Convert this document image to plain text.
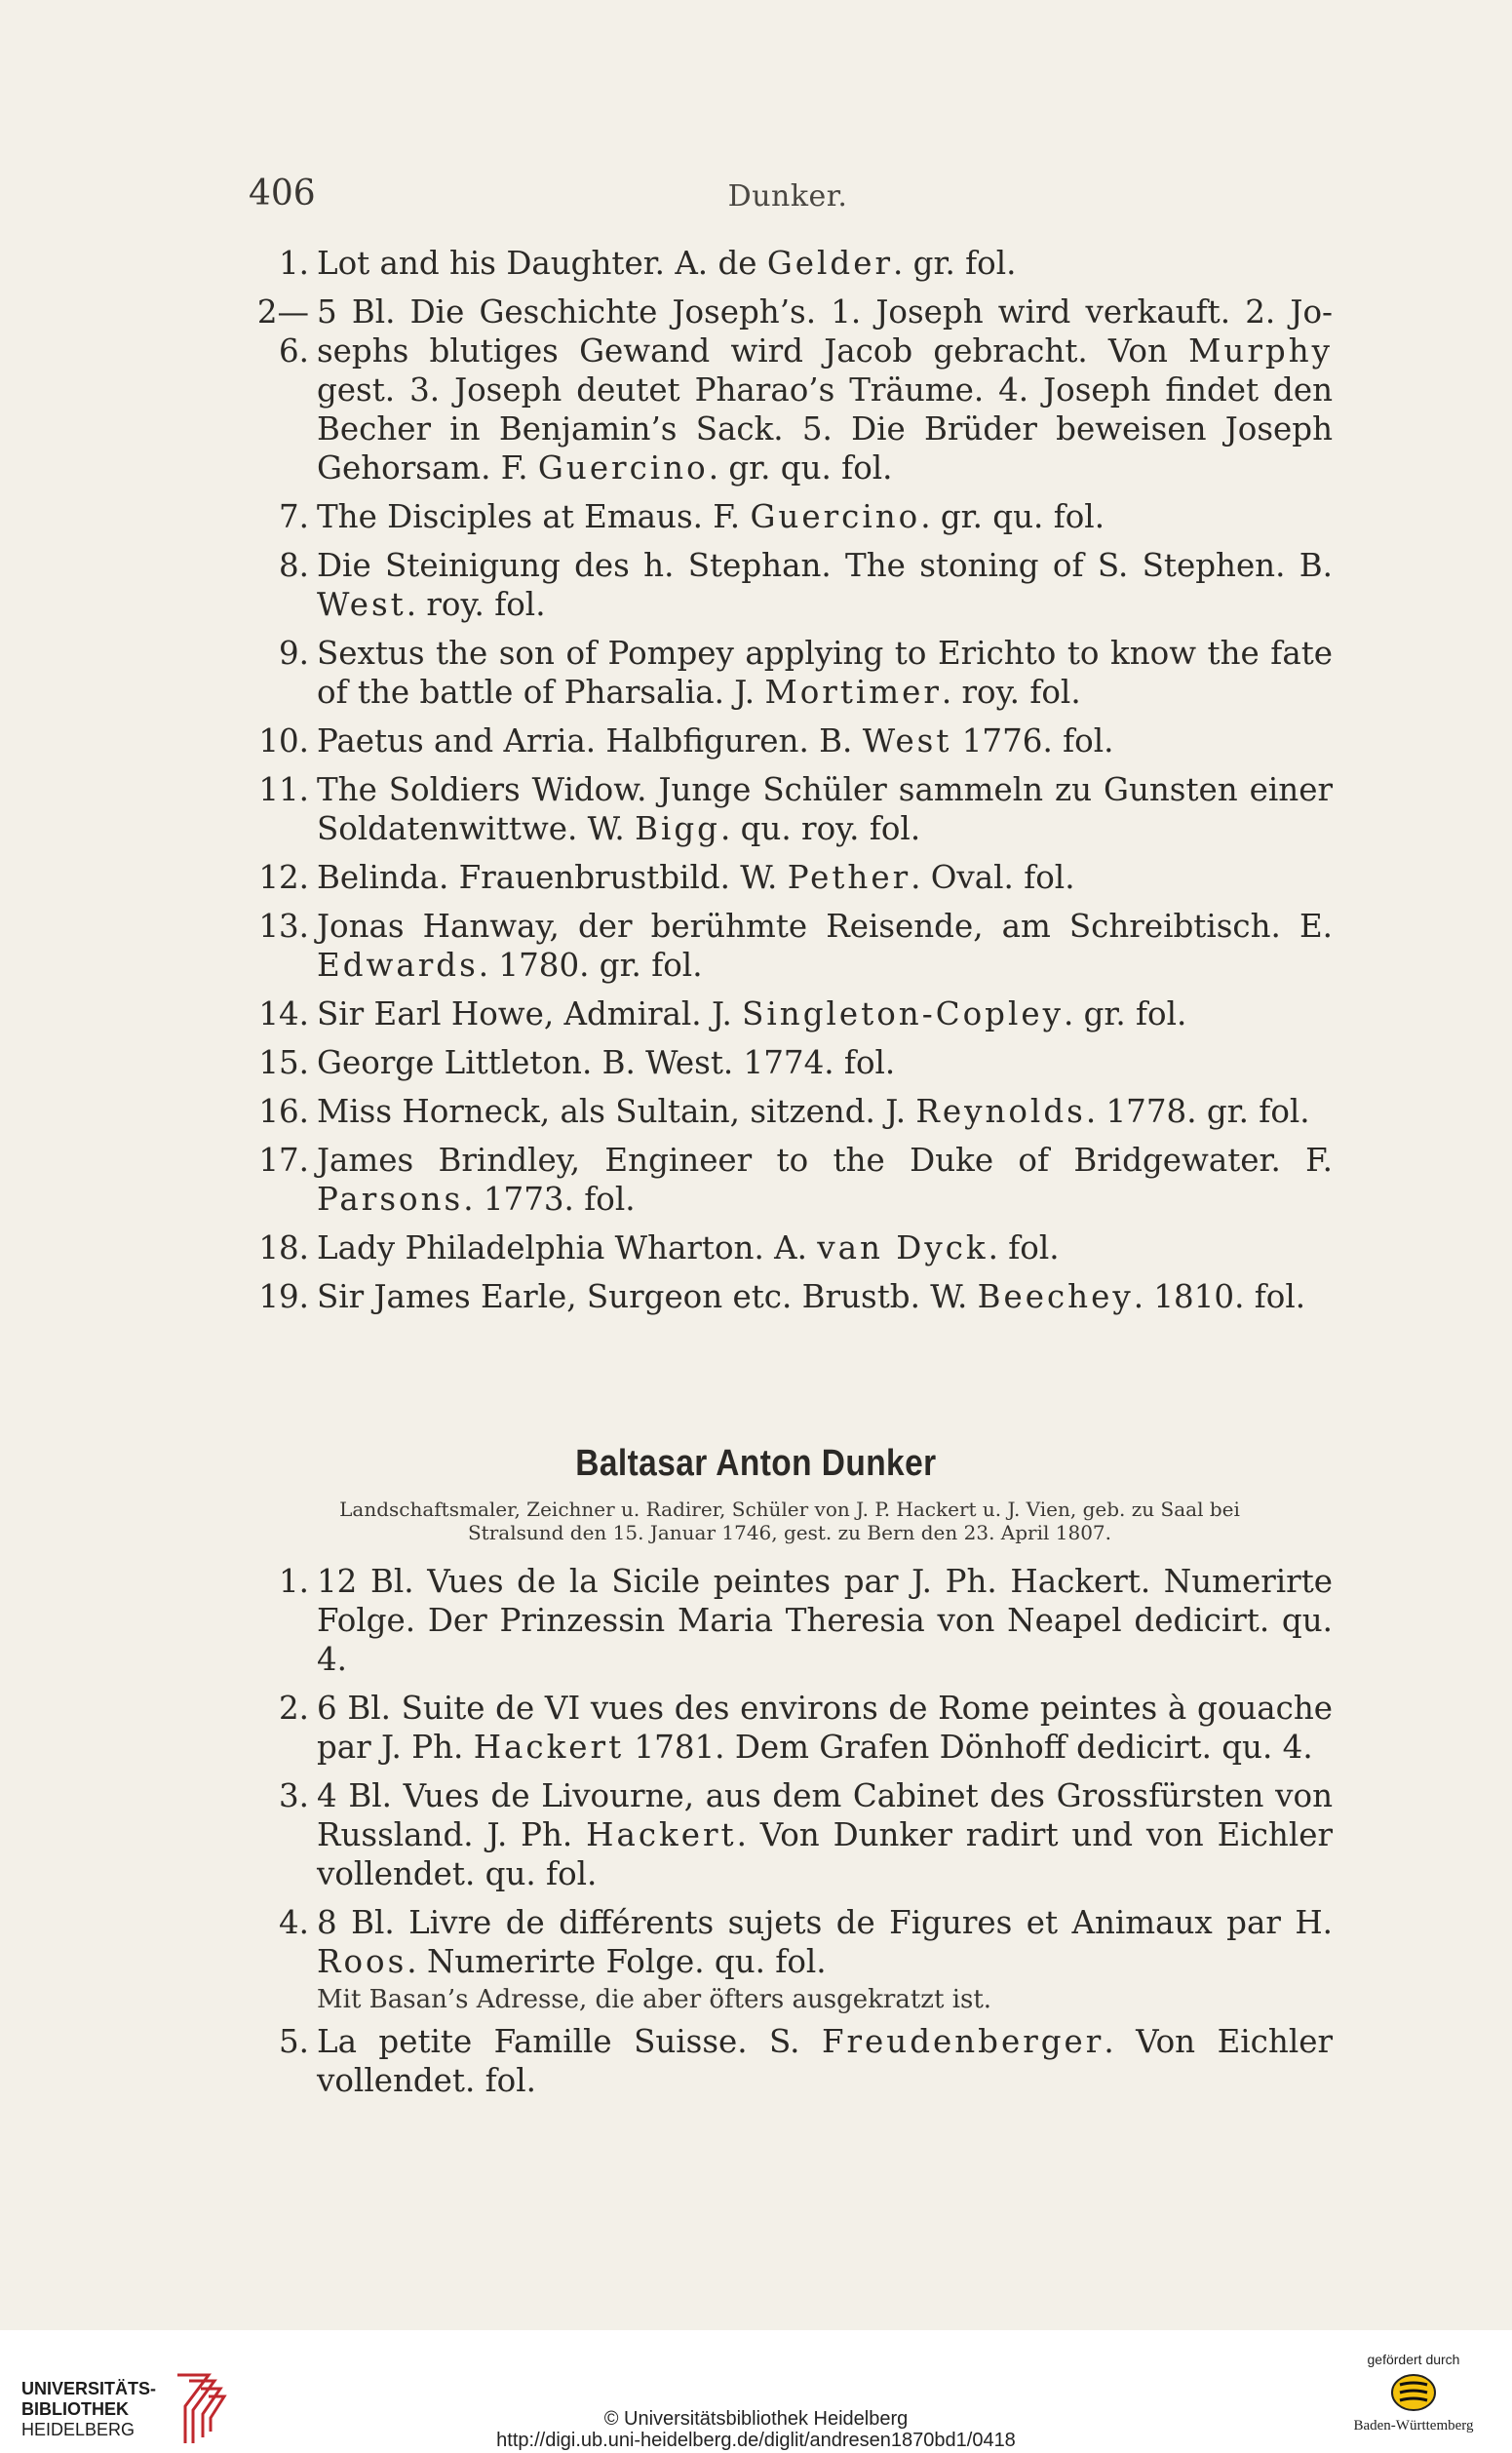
406	Dunker.
1. Lot and his Daughter. A. de Gelder. gr. fol.

2—6.

5 Bl. Die Geschichte Joseph’s. 1. Joseph wird verkauft. 2. Jo-sephs blutiges Gewand wird Jacob gebracht. Von Murphy gest. 3. Joseph deutet Pharao’s Träume. 4. Joseph findet den Becher in Benjamin’s Sack. 5. Die Brüder beweisen Joseph Gehorsam. F. Guercino. gr. qu. fol.

7. The Disciples at Emaus. F. Guercino. gr. qu. fol.

8. Die Steinigung des h. Stephan. The stoning of S. Stephen. B. West. roy. fol.

9. Sextus the son of Pompey applying to Erichto to know the fate of the battle of Pharsalia. J. Mortimer. roy. fol.

10. Paetus and Arria. Halbfiguren. B. West 1776. fol.

11. The Soldiers Widow. Junge Schüler sammeln zu Gunsten einer Soldatenwittwe. W. Bigg. qu. roy. fol.

12. Belinda. Frauenbrustbild. W. Pether. Oval. fol.

13. Jonas Hanway, der berühmte Reisende, am Schreibtisch. E. Edwards. 1780. gr. fol.

14. Sir Earl Howe, Admiral. J. Singleton-Copley. gr. fol.

15. George Littleton. B. West. 1774. fol.

16. Miss Horneck, als Sultain, sitzend. J. Reynolds. 1778. gr. fol.

17. James Brindley, Engineer to the Duke of Bridgewater. F. Parsons. 1773. fol.

18. Lady Philadelphia Wharton. A. van Dyck. fol.

19. Sir James Earle, Surgeon etc. Brustb. W. Beechey. 1810. fol.

Baltasar Anton Dunker
Landschaftsmaler, Zeichner u. Radirer, Schüler von J. P. Hackert u. J. Vien, geb. zu Saal bei Stralsund den 15. Januar 1746, gest. zu Bern den 23. April 1807.
1. 12 Bl. Vues de la Sicile peintes par J. Ph. Hackert. Numerirte Folge. Der Prinzessin Maria Theresia von Neapel dedicirt. qu. 4.

2. 6 Bl. Suite de VI vues des environs de Rome peintes à gouache par J. Ph. Hackert 1781. Dem Grafen Dönhoff dedicirt. qu. 4.

3. 4 Bl. Vues de Livourne, aus dem Cabinet des Grossfürsten von Russland. J. Ph. Hackert. Von Dunker radirt und von Eichler vollendet. qu. fol.

4. 8 Bl. Livre de différents sujets de Figures et Animaux par H. Roos. Numerirte Folge. qu. fol.

Mit Basan’s Adresse, die aber öfters ausgekratzt ist.

5. La petite Famille Suisse. S. Freudenberger. Von Eichler vollendet. fol.

UNIVERSITÄTS-
BIBLIOTHEK
HEIDELBERG	© Universitätsbibliothek Heidelberg
http://digi.ub.uni-heidelberg.de/diglit/andresen1870bd1/0418
gefördert durch
Baden-Württemberg
